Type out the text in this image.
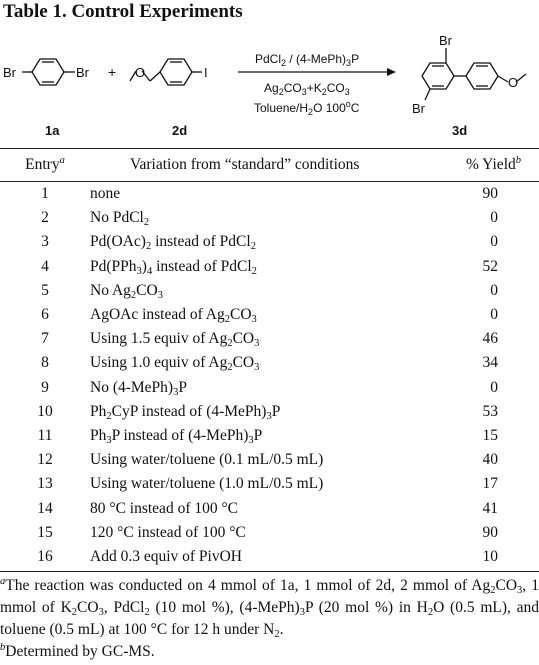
Table 1. Control Experiments
Br	Br + O	I
PdCl$_2$ / $(4-MePh)_3P$
$Ag_2CO_3+K_2CO_3$
Toluene/$H_2O$ 100$^o$C
Br
Br
O
1a	2d	3d
Entry$^a$	Variation from “standard” conditions	% Yield$^b$
1	none	90
2	No PdCl$_2$	0
3	$Pd(OAc)_2$ instead of PdCl$_2$	0
4	$Pd(PPh_3)_4$ instead of PdCl$_2$	52
5	No $Ag_2CO_3$	0
6	AgOAc instead of $Ag_2CO_3$	0
7	Using 1.5 equiv of $Ag_2CO_3$	46
8	Using 1.0 equiv of $Ag_2CO_3$	34
9	No $(4-MePh)_3P$	0
10	$Ph_2CyP$ instead of $(4-MePh)_3P$	53
11	$Ph_3P$ instead of $(4-MePh)_3P$	15
12	Using water/toluene (0.1 mL/0.5 mL)	40
13	Using water/toluene (1.0 mL/0.5 mL)	17
14	80 °C instead of 100 °C	41
15	120 °C instead of 100 °C	90
16	Add 0.3 equiv of PivOH	10

$^a$The reaction was conducted on 4 mmol of 1a, 1 mmol of 2d, 2 mmol of $Ag_2CO_3$, 1 mmol of $K_2CO_3$, PdCl$_2$ (10 mol %), $(4-MePh)_3P$ (20 mol %) in $H_2O$ (0.5 mL), and toluene (0.5 mL) at 100 °C for 12 h under $N_2$.

$^b$Determined by GC-MS.
